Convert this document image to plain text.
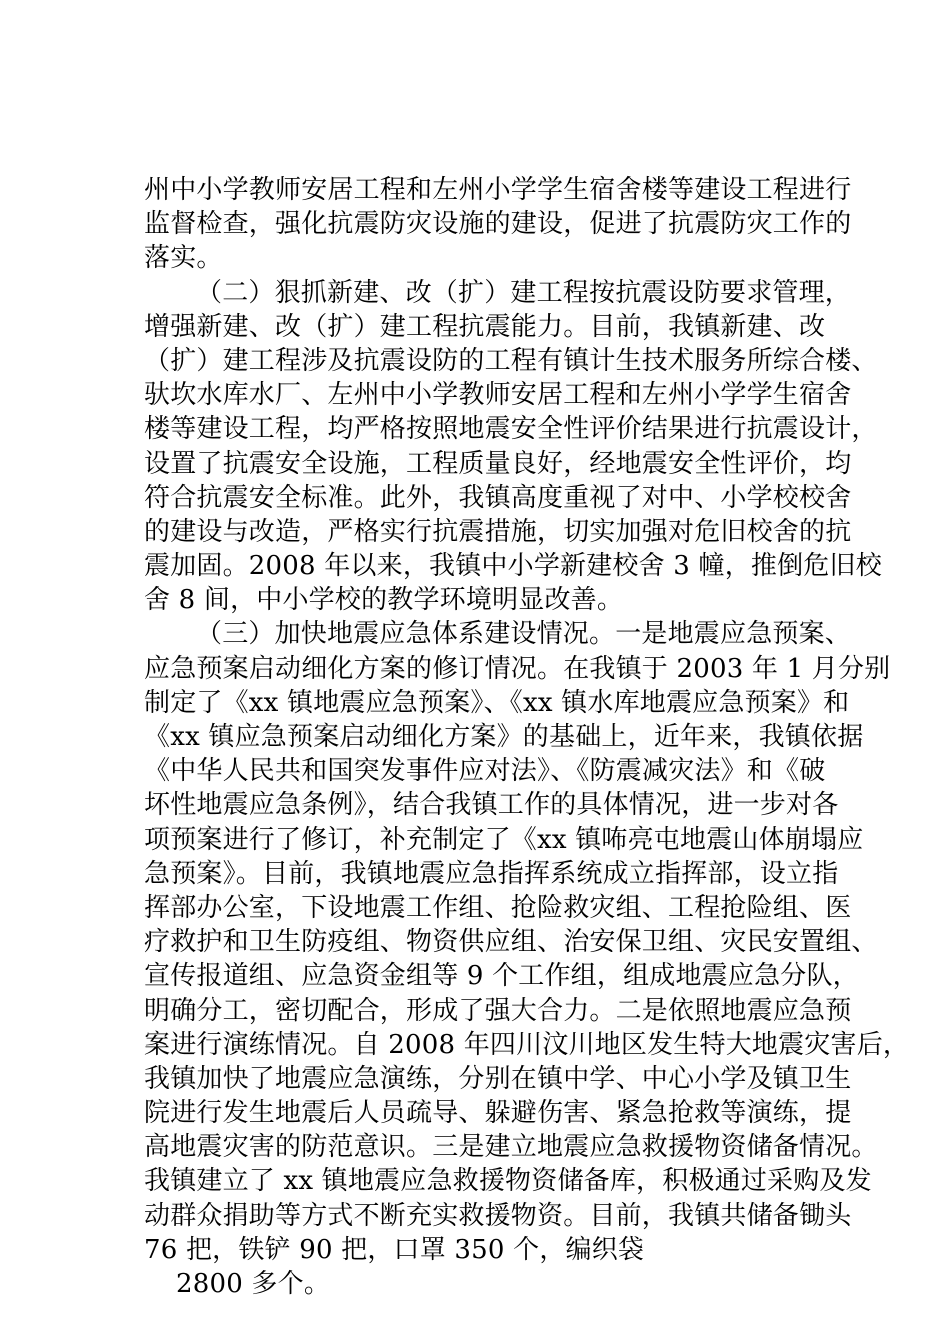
州中小学教师安居工程和左州小学学生宿舍楼等建设工程进行
监督检查，强化抗震防灾设施的建设，促进了抗震防灾工作的
落实。
（二）狠抓新建、改（扩）建工程按抗震设防要求管理，
增强新建、改（扩）建工程抗震能力。目前，我镇新建、改
（扩）建工程涉及抗震设防的工程有镇计生技术服务所综合楼、
驮坎水库水厂、左州中小学教师安居工程和左州小学学生宿舍
楼等建设工程，均严格按照地震安全性评价结果进行抗震设计，
设置了抗震安全设施，工程质量良好，经地震安全性评价，均
符合抗震安全标准。此外，我镇高度重视了对中、小学校校舍
的建设与改造，严格实行抗震措施，切实加强对危旧校舍的抗
震加固。2008 年以来，我镇中小学新建校舍 3 幢，推倒危旧校
舍 8 间，中小学校的教学环境明显改善。
（三）加快地震应急体系建设情况。一是地震应急预案、
应急预案启动细化方案的修订情况。在我镇于 2003 年 1 月分别
制定了《xx 镇地震应急预案》、《xx 镇水库地震应急预案》和
《xx 镇应急预案启动细化方案》的基础上，近年来，我镇依据
《中华人民共和国突发事件应对法》、《防震减灾法》和《破
坏性地震应急条例》，结合我镇工作的具体情况，进一步对各
项预案进行了修订，补充制定了《xx 镇咘亮屯地震山体崩塌应
急预案》。目前，我镇地震应急指挥系统成立指挥部，设立指
挥部办公室，下设地震工作组、抢险救灾组、工程抢险组、医
疗救护和卫生防疫组、物资供应组、治安保卫组、灾民安置组、
宣传报道组、应急资金组等 9 个工作组，组成地震应急分队，
明确分工，密切配合，形成了强大合力。二是依照地震应急预
案进行演练情况。自 2008 年四川汶川地区发生特大地震灾害后，
我镇加快了地震应急演练，分别在镇中学、中心小学及镇卫生
院进行发生地震后人员疏导、躲避伤害、紧急抢救等演练，提
高地震灾害的防范意识。三是建立地震应急救援物资储备情况。
我镇建立了 xx 镇地震应急救援物资储备库，积极通过采购及发
动群众捐助等方式不断充实救援物资。目前，我镇共储备锄头
76 把，铁铲 90 把，口罩 350 个，编织袋
2800 多个。
